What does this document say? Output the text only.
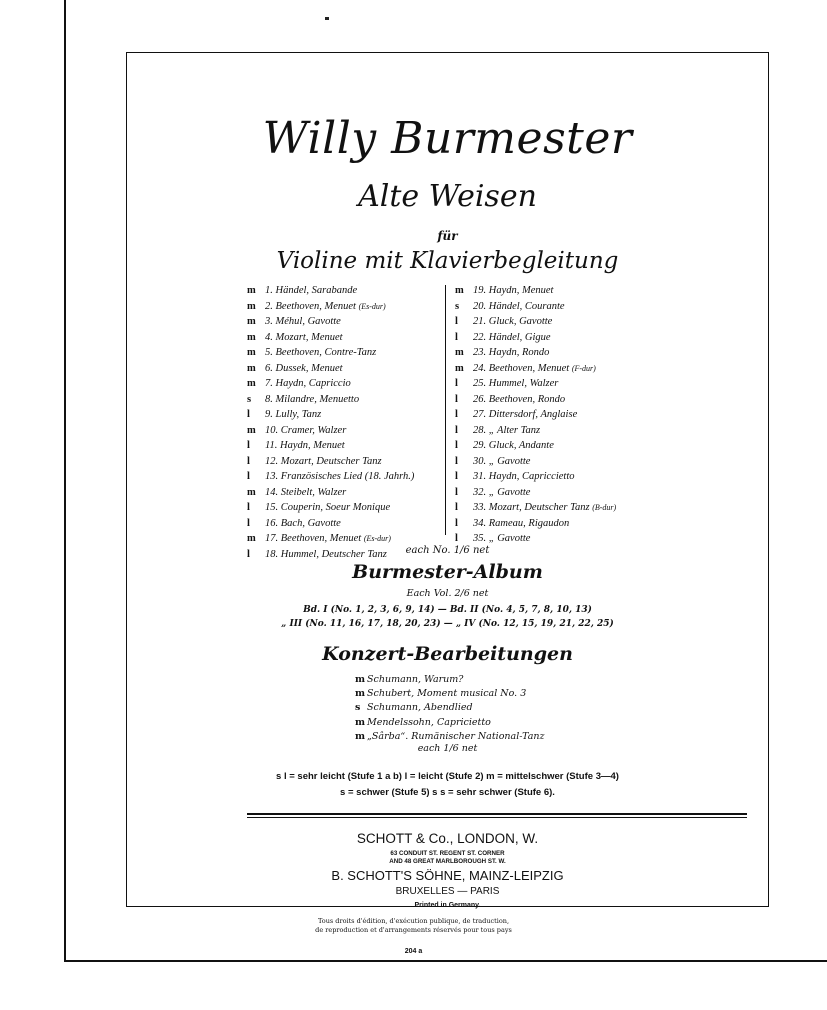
Willy Burmester
Alte Weisen
für
Violine mit Klavierbegleitung
m 1. Händel, Sarabande
m 2. Beethoven, Menuet (Es-dur)
m 3. Méhul, Gavotte
m 4. Mozart, Menuet
m 5. Beethoven, Contre-Tanz
m 6. Dussek, Menuet
m 7. Haydn, Capriccio
s 8. Milandre, Menuetto
l 9. Lully, Tanz
m 10. Cramer, Walzer
l 11. Haydn, Menuet
l 12. Mozart, Deutscher Tanz
l 13. Französisches Lied (18. Jahrh.)
m 14. Steibelt, Walzer
l 15. Couperin, Soeur Monique
l 16. Bach, Gavotte
m 17. Beethoven, Menuet (Es-dur)
l 18. Hummel, Deutscher Tanz
m 19. Haydn, Menuet
s 20. Händel, Courante
l 21. Gluck, Gavotte
l 22. Händel, Gigue
m 23. Haydn, Rondo
m 24. Beethoven, Menuet (F-dur)
l 25. Hummel, Walzer
l 26. Beethoven, Rondo
l 27. Dittersdorf, Anglaise
l 28. „ Alter Tanz
l 29. Gluck, Andante
l 30. „ Gavotte
l 31. Haydn, Capriccietto
l 32. „ Gavotte
l 33. Mozart, Deutscher Tanz (B-dur)
l 34. Rameau, Rigaudon
l 35. „ Gavotte
each No. 1/6 net
Burmester-Album
Each Vol. 2/6 net
Bd. I (No. 1, 2, 3, 6, 9, 14) — Bd. II (No. 4, 5, 7, 8, 10, 13)
„ III (No. 11, 16, 17, 18, 20, 23) — „ IV (No. 12, 15, 19, 21, 22, 25)
Konzert-Bearbeitungen
m Schumann, Warum?
m Schubert, Moment musical No. 3
s Schumann, Abendlied
m Mendelssohn, Capricietto
m „Sârba“. Rumänischer National-Tanz
each 1/6 net
s l = sehr leicht (Stufe 1 a b) l = leicht (Stufe 2) m = mittelschwer (Stufe 3—4)
s = schwer (Stufe 5) s s = sehr schwer (Stufe 6).
SCHOTT & Co., LONDON, W.
63 CONDUIT ST. REGENT ST. CORNER
AND 48 GREAT MARLBOROUGH ST. W.
B. SCHOTT'S SÖHNE, MAINZ-LEIPZIG
BRUXELLES — PARIS
Printed in Germany.
Tous droits d'édition, d'exécution publique, de traduction,
de reproduction et d'arrangements réservés pour tous pays
204 a
